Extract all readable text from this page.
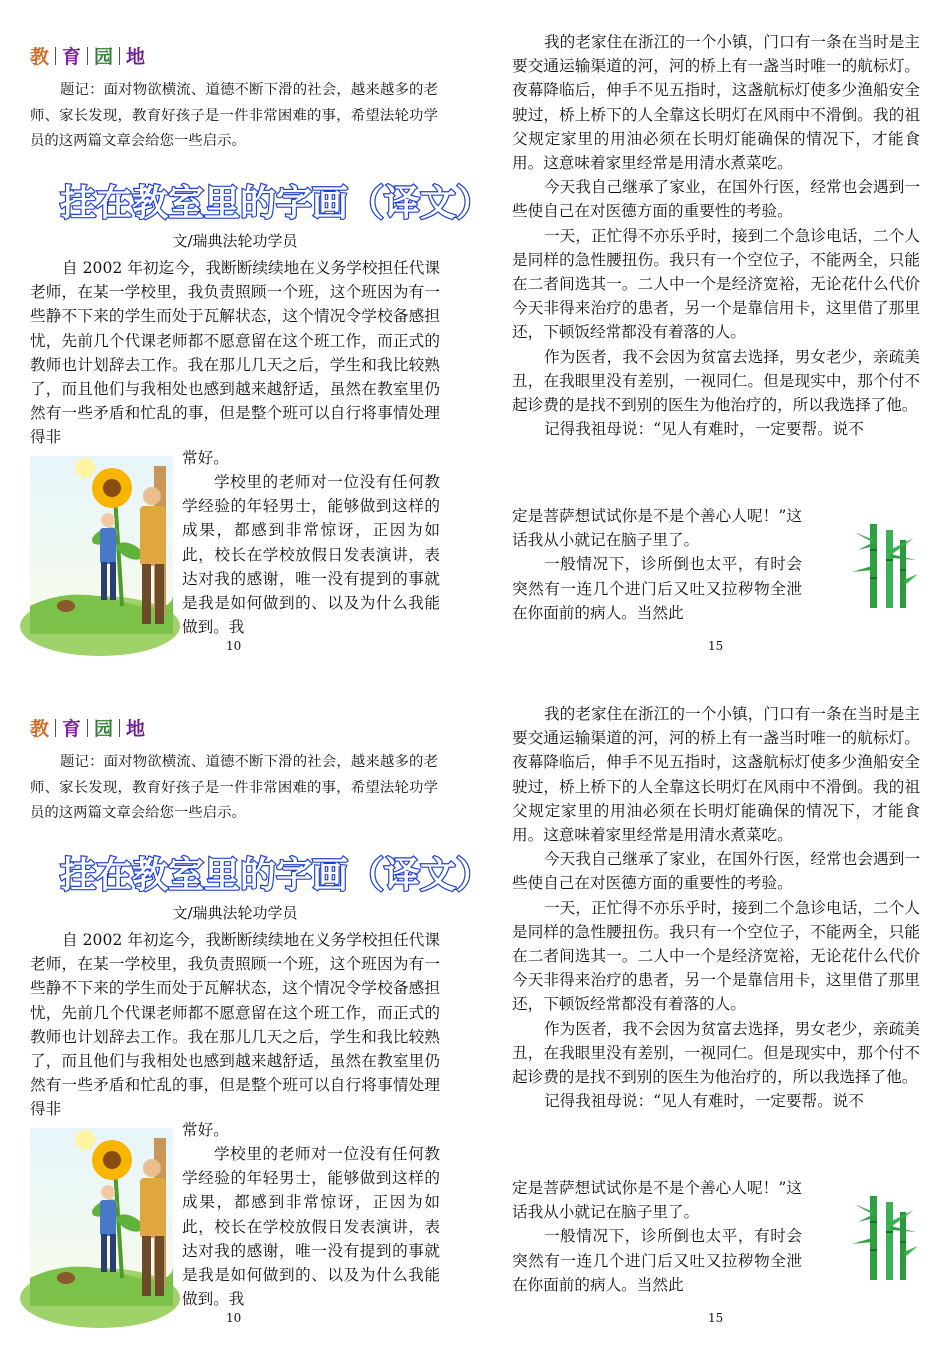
教 育 园 地

题记：面对物欲横流、道德不断下滑的社会，越来越多的老师、家长发现，教育好孩子是一件非常困难的事，希望法轮功学员的这两篇文章会给您一些启示。

挂在教室里的字画（译文）
文/瑞典法轮功学员

自 2002 年初迄今，我断断续续地在义务学校担任代课老师，在某一学校里，我负责照顾一个班，这个班因为有一些静不下来的学生而处于瓦解状态，这个情况令学校备感担忧，先前几个代课老师都不愿意留在这个班工作，而正式的教师也计划辞去工作。我在那儿几天之后，学生和我比较熟了，而且他们与我相处也感到越来越舒适，虽然在教室里仍然有一些矛盾和忙乱的事，但是整个班可以自行将事情处理得非

常好。

学校里的老师对一位没有任何教学经验的年轻男士，能够做到这样的成果，都感到非常惊讶，正因为如此，校长在学校放假日发表演讲，表达对我的感谢，唯一没有提到的事就是我是如何做到的、以及为什么我能做到。我

10

我的老家住在浙江的一个小镇，门口有一条在当时是主要交通运输渠道的河，河的桥上有一盏当时唯一的航标灯。夜幕降临后，伸手不见五指时，这盏航标灯使多少渔船安全驶过，桥上桥下的人全靠这长明灯在风雨中不滑倒。我的祖父规定家里的用油必须在长明灯能确保的情况下，才能食用。这意味着家里经常是用清水煮菜吃。

今天我自己继承了家业，在国外行医，经常也会遇到一些使自己在对医德方面的重要性的考验。

一天，正忙得不亦乐乎时，接到二个急诊电话，二个人是同样的急性腰扭伤。我只有一个空位子，不能两全，只能在二者间选其一。二人中一个是经济宽裕，无论花什么代价今天非得来治疗的患者，另一个是靠信用卡，这里借了那里还，下顿饭经常都没有着落的人。

作为医者，我不会因为贫富去选择，男女老少，亲疏美丑，在我眼里没有差别，一视同仁。但是现实中，那个付不起诊费的是找不到别的医生为他治疗的，所以我选择了他。

记得我祖母说：“见人有难时，一定要帮。说不

定是菩萨想试试你是不是个善心人呢！”这话我从小就记在脑子里了。

一般情况下，诊所倒也太平，有时会突然有一连几个进门后又吐又拉秽物全泄在你面前的病人。当然此

15
教 育 园 地

题记：面对物欲横流、道德不断下滑的社会，越来越多的老师、家长发现，教育好孩子是一件非常困难的事，希望法轮功学员的这两篇文章会给您一些启示。

挂在教室里的字画（译文）
文/瑞典法轮功学员

自 2002 年初迄今，我断断续续地在义务学校担任代课老师，在某一学校里，我负责照顾一个班，这个班因为有一些静不下来的学生而处于瓦解状态，这个情况令学校备感担忧，先前几个代课老师都不愿意留在这个班工作，而正式的教师也计划辞去工作。我在那儿几天之后，学生和我比较熟了，而且他们与我相处也感到越来越舒适，虽然在教室里仍然有一些矛盾和忙乱的事，但是整个班可以自行将事情处理得非

常好。

学校里的老师对一位没有任何教学经验的年轻男士，能够做到这样的成果，都感到非常惊讶，正因为如此，校长在学校放假日发表演讲，表达对我的感谢，唯一没有提到的事就是我是如何做到的、以及为什么我能做到。我

10

我的老家住在浙江的一个小镇，门口有一条在当时是主要交通运输渠道的河，河的桥上有一盏当时唯一的航标灯。夜幕降临后，伸手不见五指时，这盏航标灯使多少渔船安全驶过，桥上桥下的人全靠这长明灯在风雨中不滑倒。我的祖父规定家里的用油必须在长明灯能确保的情况下，才能食用。这意味着家里经常是用清水煮菜吃。

今天我自己继承了家业，在国外行医，经常也会遇到一些使自己在对医德方面的重要性的考验。

一天，正忙得不亦乐乎时，接到二个急诊电话，二个人是同样的急性腰扭伤。我只有一个空位子，不能两全，只能在二者间选其一。二人中一个是经济宽裕，无论花什么代价今天非得来治疗的患者，另一个是靠信用卡，这里借了那里还，下顿饭经常都没有着落的人。

作为医者，我不会因为贫富去选择，男女老少，亲疏美丑，在我眼里没有差别，一视同仁。但是现实中，那个付不起诊费的是找不到别的医生为他治疗的，所以我选择了他。

记得我祖母说：“见人有难时，一定要帮。说不

定是菩萨想试试你是不是个善心人呢！”这话我从小就记在脑子里了。

一般情况下，诊所倒也太平，有时会突然有一连几个进门后又吐又拉秽物全泄在你面前的病人。当然此

15
